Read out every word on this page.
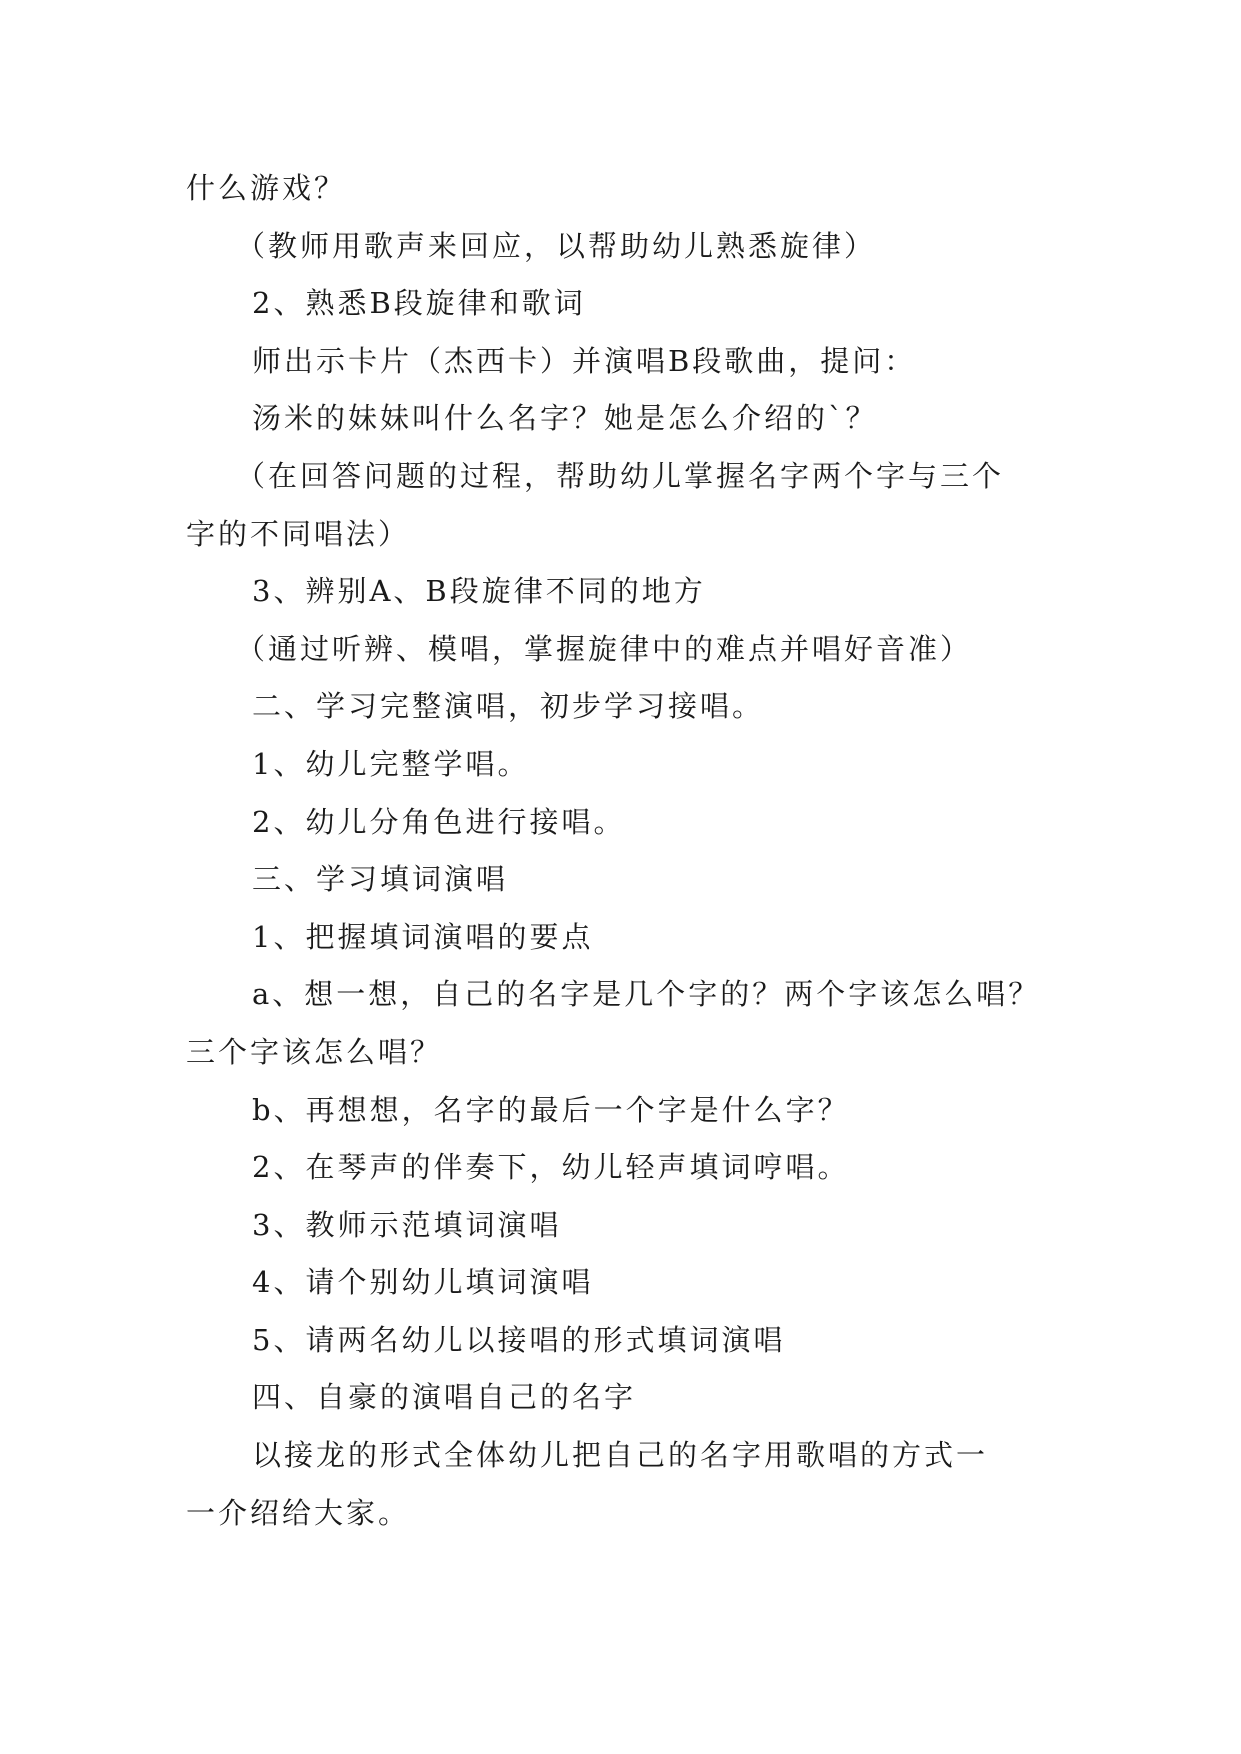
什么游戏？
（教师用歌声来回应，以帮助幼儿熟悉旋律）
2、熟悉B段旋律和歌词
师出示卡片（杰西卡）并演唱B段歌曲，提问：
汤米的妹妹叫什么名字？她是怎么介绍的`？
（在回答问题的过程，帮助幼儿掌握名字两个字与三个
字的不同唱法）
3、辨别A、B段旋律不同的地方
（通过听辨、模唱，掌握旋律中的难点并唱好音准）
二、学习完整演唱，初步学习接唱。
1、幼儿完整学唱。
2、幼儿分角色进行接唱。
三、学习填词演唱
1、把握填词演唱的要点
a、想一想，自己的名字是几个字的？两个字该怎么唱？
三个字该怎么唱？
b、再想想，名字的最后一个字是什么字？
2、在琴声的伴奏下，幼儿轻声填词哼唱。
3、教师示范填词演唱
4、请个别幼儿填词演唱
5、请两名幼儿以接唱的形式填词演唱
四、自豪的演唱自己的名字
以接龙的形式全体幼儿把自己的名字用歌唱的方式一
一介绍给大家。
